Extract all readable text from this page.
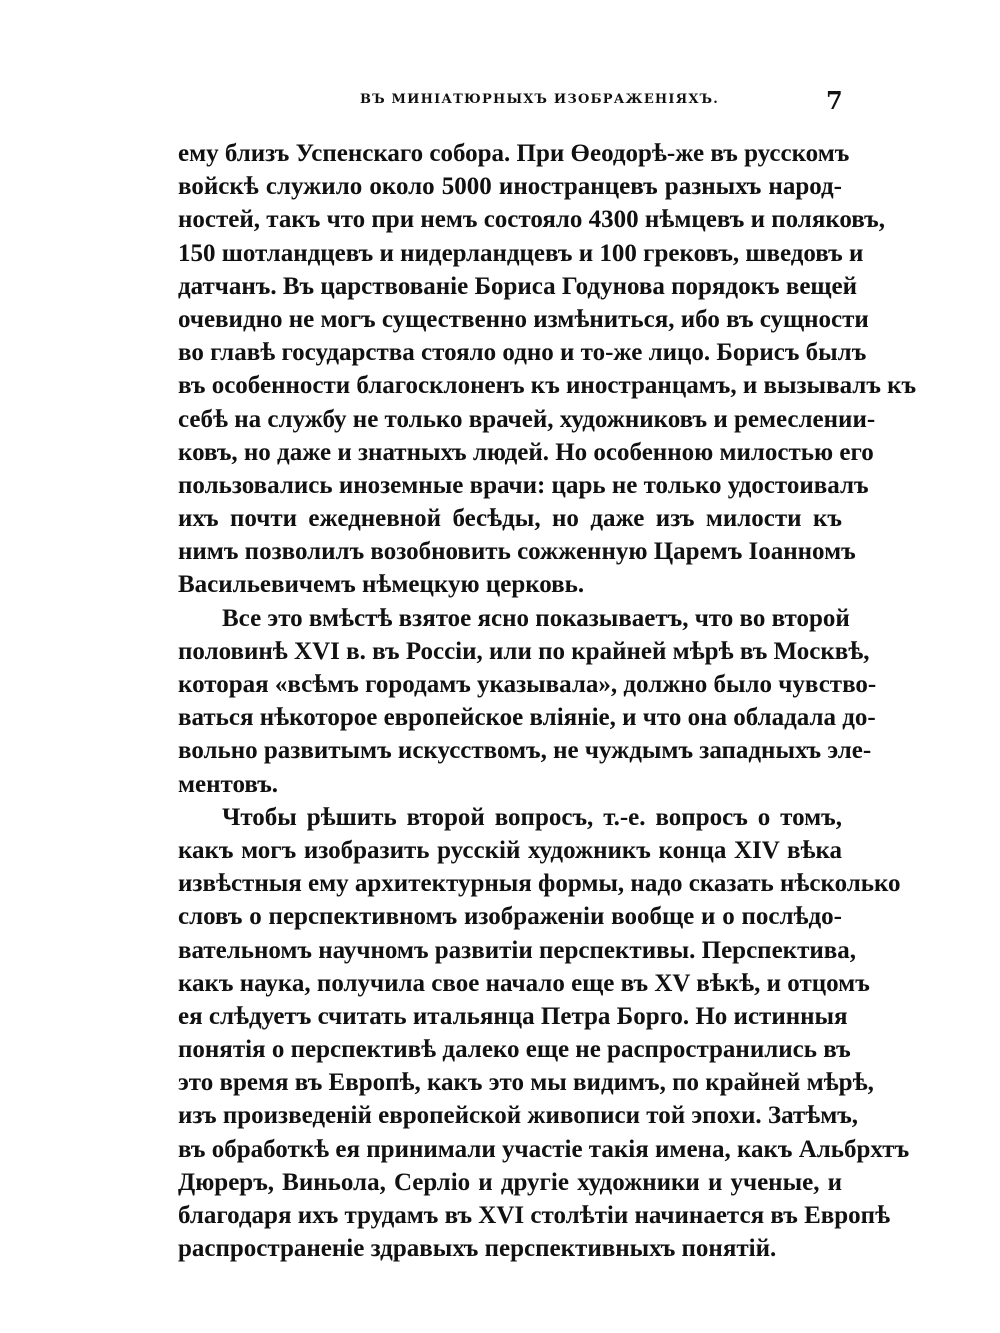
ВЪ МИНIАТЮРНЫХЪ ИЗОБРАЖЕНIЯХЪ.	7
ему близъ Успенскаго собора. При Өеодорѣ-же въ русскомъ
войскѣ служило около 5000 иностранцевъ разныхъ народ-
ностей, такъ что при немъ состояло 4300 нѣмцевъ и поляковъ,
150 шотландцевъ и нидерландцевъ и 100 грековъ, шведовъ и
датчанъ. Въ царствованiе Бориса Годунова порядокъ вещей
очевидно не могъ существенно измѣниться, ибо въ сущности
во главѣ государства стояло одно и то-же лицо. Борисъ былъ
въ особенности благосклоненъ къ иностранцамъ, и вызывалъ къ
себѣ на службу не только врачей, художниковъ и ремеслении-
ковъ, но даже и знатныхъ людей. Но особенною милостью его
пользовались иноземные врачи: царь не только удостоивалъ
ихъ почти ежедневной бесѣды, но даже изъ милости къ
нимъ позволилъ возобновить сожженную Царемъ Iоанномъ
Васильевичемъ нѣмецкую церковь.
Все это вмѣстѣ взятое ясно показываетъ, что во второй
половинѣ XVI в. въ Россiи, или по крайней мѣрѣ въ Москвѣ,
которая «всѣмъ городамъ указывала», должно было чувство-
ваться нѣкоторое европейское влiянiе, и что она обладала до-
вольно развитымъ искусствомъ, не чуждымъ западныхъ эле-
ментовъ.
Чтобы рѣшить второй вопросъ, т.-е. вопросъ о томъ,
какъ могъ изобразить русскiй художникъ конца XIV вѣка
извѣстныя ему архитектурныя формы, надо сказать нѣсколько
словъ о перспективномъ изображенiи вообще и о послѣдо-
вательномъ научномъ развитiи перспективы. Перспектива,
какъ наука, получила свое начало еще въ XV вѣкѣ, и отцомъ
ея слѣдуетъ считать итальянца Петра Борго. Но истинныя
понятiя о перспективѣ далеко еще не распространились въ
это время въ Европѣ, какъ это мы видимъ, по крайней мѣрѣ,
изъ произведенiй европейской живописи той эпохи. Затѣмъ,
въ обработкѣ ея принимали участiе такiя имена, какъ Альбрхтъ
Дюреръ, Виньола, Серлiо и другiе художники и ученые, и
благодаря ихъ трудамъ въ XVI столѣтiи начинается въ Европѣ
распространенiе здравыхъ перспективныхъ понятiй.
